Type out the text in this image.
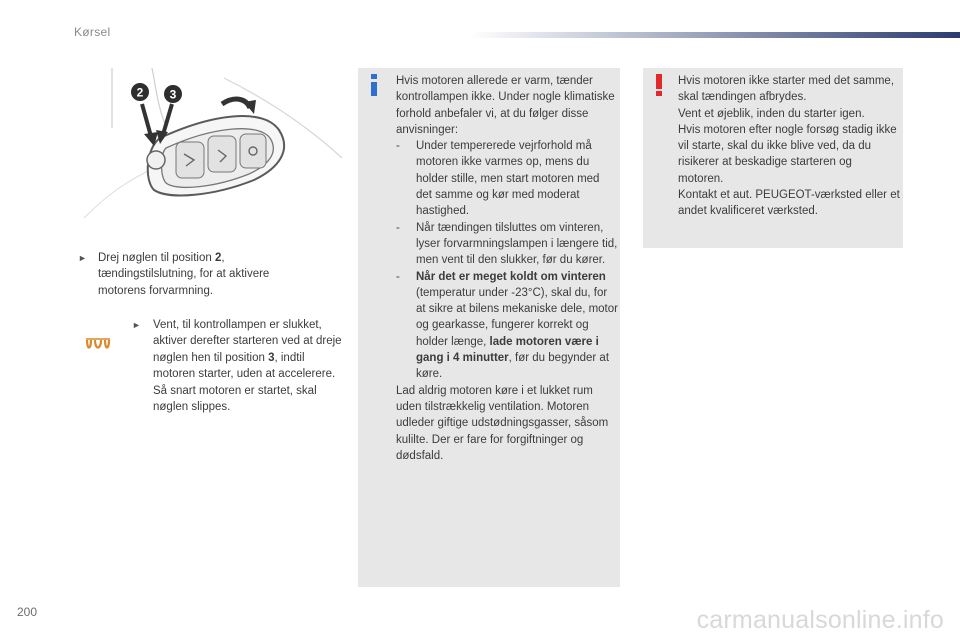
Kørsel
2 3
► Drej nøglen til position 2, tændingstilslutning, for at aktivere motorens forvarmning.
►	Vent, til kontrollampen er slukket, aktiver derefter starteren ved at dreje nøglen hen til position 3, indtil motoren starter, uden at accelerere. Så snart motoren er startet, skal nøglen slippes.

Hvis motoren allerede er varm, tænder kontrollampen ikke. Under nogle klimatiske forhold anbefaler vi, at du følger disse anvisninger:

- Under tempererede vejrforhold må motoren ikke varmes op, mens du holder stille, men start motoren med det samme og kør med moderat hastighed.
- Når tændingen tilsluttes om vinteren, lyser forvarmningslampen i længere tid, men vent til den slukker, før du kører.
- Når det er meget koldt om vinteren (temperatur under -23°C), skal du, for at sikre at bilens mekaniske dele, motor og gearkasse, fungerer korrekt og holder længe, lade motoren være i gang i 4 minutter, før du begynder at køre.

Lad aldrig motoren køre i et lukket rum uden tilstrækkelig ventilation. Motoren udleder giftige udstødningsgasser, såsom kulilte. Der er fare for forgiftninger og dødsfald.

Hvis motoren ikke starter med det samme, skal tændingen afbrydes.

Vent et øjeblik, inden du starter igen.

Hvis motoren efter nogle forsøg stadig ikke vil starte, skal du ikke blive ved, da du risikerer at beskadige starteren og motoren.

Kontakt et aut. PEUGEOT-værksted eller et andet kvalificeret værksted.

200	carmanualsonline.info
